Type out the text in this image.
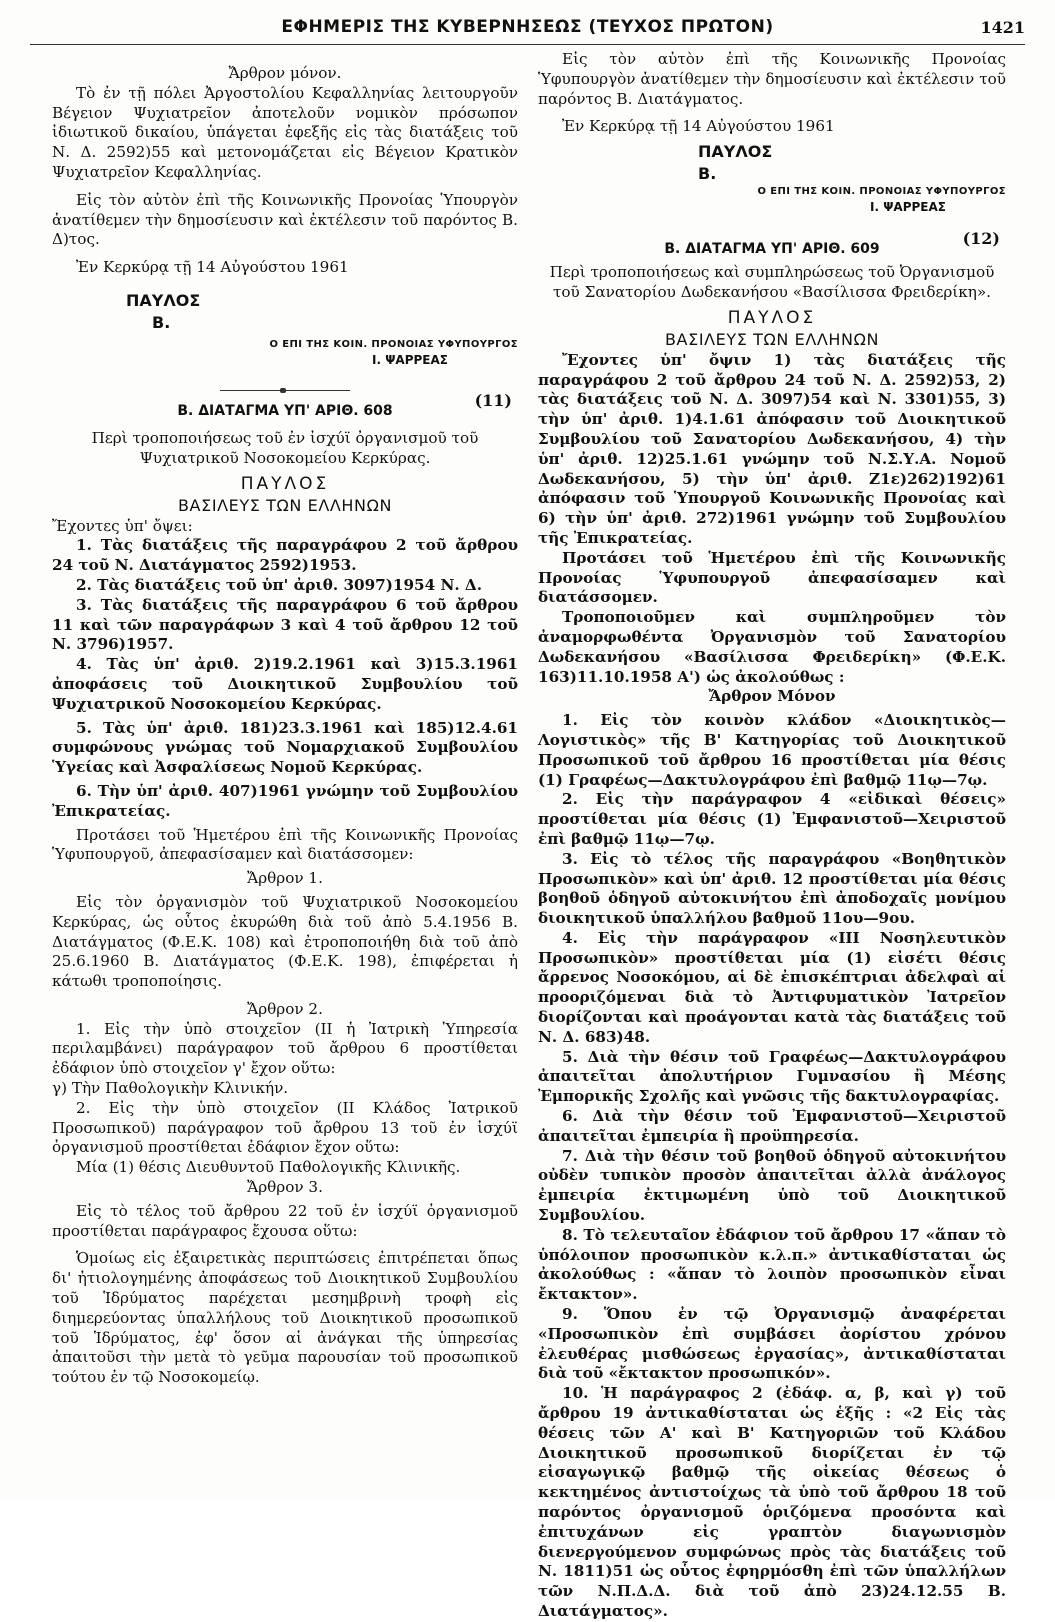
ΕΦΗΜΕΡΙΣ ΤΗΣ ΚΥΒΕΡΝΗΣΕΩΣ (ΤΕΥΧΟΣ ΠΡΩΤΟΝ)	1421

Ἄρθρον μόνον.

Τὸ ἐν τῇ πόλει Ἀργοστολίου Κεφαλληνίας λειτουργοῦν Βέγειον Ψυχιατρεῖον ἀποτελοῦν νομικὸν πρόσωπον ἰδιωτικοῦ δικαίου, ὑπάγεται ἐφεξῆς εἰς τὰς διατάξεις τοῦ Ν. Δ. 2592)55 καὶ μετονομάζεται εἰς Βέγειον Κρατικὸν Ψυχιατρεῖον Κεφαλληνίας.

Εἰς τὸν αὐτὸν ἐπὶ τῆς Κοινωνικῆς Προνοίας Ὑπουργὸν ἀνατίθεμεν τὴν δημοσίευσιν καὶ ἐκτέλεσιν τοῦ παρόντος Β. Δ)τος.

Ἐν Κερκύρᾳ τῇ 14 Αὐγούστου 1961

ΠΑΥΛΟΣ
Β.
Ο ΕΠΙ ΤΗΣ ΚΟΙΝ. ΠΡΟΝΟΙΑΣ ΥΦΥΠΟΥΡΓΟΣ
Ι. ΨΑΡΡΕΑΣ
Β. ΔΙΑΤΑΓΜΑ ΥΠ' ΑΡΙΘ. 608
(11)

Περὶ τροποποιήσεως τοῦ ἐν ἰσχύϊ ὀργανισμοῦ τοῦ Ψυχιατρικοῦ Νοσοκομείου Κερκύρας.

ΠΑΥΛΟΣ
ΒΑΣΙΛΕΥΣ ΤΩΝ ΕΛΛΗΝΩΝ

Ἔχοντες ὑπ' ὄψει:

1. Τὰς διατάξεις τῆς παραγράφου 2 τοῦ ἄρθρου 24 τοῦ Ν. Διατάγματος 2592)1953.

2. Τὰς διατάξεις τοῦ ὑπ' ἀριθ. 3097)1954 Ν. Δ.

3. Τὰς διατάξεις τῆς παραγράφου 6 τοῦ ἄρθρου 11 καὶ τῶν παραγράφων 3 καὶ 4 τοῦ ἄρθρου 12 τοῦ Ν. 3796)1957.

4. Τὰς ὑπ' ἀριθ. 2)19.2.1961 καὶ 3)15.3.1961 ἀποφάσεις τοῦ Διοικητικοῦ Συμβουλίου τοῦ Ψυχιατρικοῦ Νοσοκομείου Κερκύρας.

5. Τὰς ὑπ' ἀριθ. 181)23.3.1961 καὶ 185)12.4.61 συμφώνους γνώμας τοῦ Νομαρχιακοῦ Συμβουλίου Ὑγείας καὶ Ἀσφαλίσεως Νομοῦ Κερκύρας.

6. Τὴν ὑπ' ἀριθ. 407)1961 γνώμην τοῦ Συμβουλίου Ἐπικρατείας.

Προτάσει τοῦ Ἡμετέρου ἐπὶ τῆς Κοινωνικῆς Προνοίας Ὑφυπουργοῦ, ἀπεφασίσαμεν καὶ διατάσσομεν:

Ἄρθρον 1.

Εἰς τὸν ὀργανισμὸν τοῦ Ψυχιατρικοῦ Νοσοκομείου Κερκύρας, ὡς οὗτος ἐκυρώθη διὰ τοῦ ἀπὸ 5.4.1956 Β. Διατάγματος (Φ.Ε.Κ. 108) καὶ ἐτροποποιήθη διὰ τοῦ ἀπὸ 25.6.1960 Β. Διατάγματος (Φ.Ε.Κ. 198), ἐπιφέρεται ἡ κάτωθι τροποποίησις.

Ἄρθρον 2.

1. Εἰς τὴν ὑπὸ στοιχεῖον (ΙΙ ἡ Ἰατρικὴ Ὑπηρεσία περιλαμβάνει) παράγραφον τοῦ ἄρθρου 6 προστίθεται ἐδάφιον ὑπὸ στοιχεῖον γ' ἔχον οὕτω:

γ) Τὴν Παθολογικὴν Κλινικήν.

2. Εἰς τὴν ὑπὸ στοιχεῖον (ΙΙ Κλάδος Ἰατρικοῦ Προσωπικοῦ) παράγραφον τοῦ ἄρθρου 13 τοῦ ἐν ἰσχύϊ ὀργανισμοῦ προστίθεται ἐδάφιον ἔχον οὕτω:

Μία (1) θέσις Διευθυντοῦ Παθολογικῆς Κλινικῆς.

Ἄρθρον 3.

Εἰς τὸ τέλος τοῦ ἄρθρου 22 τοῦ ἐν ἰσχύϊ ὀργανισμοῦ προστίθεται παράγραφος ἔχουσα οὕτω:

Ὁμοίως εἰς ἐξαιρετικὰς περιπτώσεις ἐπιτρέπεται ὅπως δι' ἠτιολογημένης ἀποφάσεως τοῦ Διοικητικοῦ Συμβουλίου τοῦ Ἱδρύματος παρέχεται μεσημβρινὴ τροφὴ εἰς διημερεύοντας ὑπαλλήλους τοῦ Διοικητικοῦ προσωπικοῦ τοῦ Ἱδρύματος, ἐφ' ὅσον αἱ ἀνάγκαι τῆς ὑπηρεσίας ἀπαιτοῦσι τὴν μετὰ τὸ γεῦμα παρουσίαν τοῦ προσωπικοῦ τούτου ἐν τῷ Νοσοκομείῳ.

Εἰς τὸν αὐτὸν ἐπὶ τῆς Κοινωνικῆς Προνοίας Ὑφυπουργὸν ἀνατίθεμεν τὴν δημοσίευσιν καὶ ἐκτέλεσιν τοῦ παρόντος Β. Διατάγματος.

Ἐν Κερκύρᾳ τῇ 14 Αὐγούστου 1961

ΠΑΥΛΟΣ
Β.
Ο ΕΠΙ ΤΗΣ ΚΟΙΝ. ΠΡΟΝΟΙΑΣ ΥΦΥΠΟΥΡΓΟΣ
Ι. ΨΑΡΡΕΑΣ
Β. ΔΙΑΤΑΓΜΑ ΥΠ' ΑΡΙΘ. 609
(12)

Περὶ τροποποιήσεως καὶ συμπληρώσεως τοῦ Ὀργανισμοῦ τοῦ Σανατορίου Δωδεκανήσου «Βασίλισσα Φρειδερίκη».

ΠΑΥΛΟΣ
ΒΑΣΙΛΕΥΣ ΤΩΝ ΕΛΛΗΝΩΝ

Ἔχοντες ὑπ' ὄψιν 1) τὰς διατάξεις τῆς παραγράφου 2 τοῦ ἄρθρου 24 τοῦ Ν. Δ. 2592)53, 2) τὰς διατάξεις τοῦ Ν. Δ. 3097)54 καὶ Ν. 3301)55, 3) τὴν ὑπ' ἀριθ. 1)4.1.61 ἀπόφασιν τοῦ Διοικητικοῦ Συμβουλίου τοῦ Σανατορίου Δωδεκανήσου, 4) τὴν ὑπ' ἀριθ. 12)25.1.61 γνώμην τοῦ Ν.Σ.Υ.Α. Νομοῦ Δωδεκανήσου, 5) τὴν ὑπ' ἀριθ. Ζ1ε)262)192)61 ἀπόφασιν τοῦ Ὑπουργοῦ Κοινωνικῆς Προνοίας καὶ 6) τὴν ὑπ' ἀριθ. 272)1961 γνώμην τοῦ Συμβουλίου τῆς Ἐπικρατείας.

Προτάσει τοῦ Ἡμετέρου ἐπὶ τῆς Κοινωνικῆς Προνοίας Ὑφυπουργοῦ ἀπεφασίσαμεν καὶ διατάσσομεν.

Τροποποιοῦμεν καὶ συμπληροῦμεν τὸν ἀναμορφωθέντα Ὀργανισμὸν τοῦ Σανατορίου Δωδεκανήσου «Βασίλισσα Φρειδερίκη» (Φ.Ε.Κ. 163)11.10.1958 Α') ὡς ἀκολούθως :

Ἄρθρον Μόνον

1. Εἰς τὸν κοινὸν κλάδον «Διοικητικὸς—Λογιστικὸς» τῆς Β' Κατηγορίας τοῦ Διοικητικοῦ Προσωπικοῦ τοῦ ἄρθρου 16 προστίθεται μία θέσις (1) Γραφέως—Δακτυλογράφου ἐπὶ βαθμῷ 11ῳ—7ῳ.

2. Εἰς τὴν παράγραφον 4 «εἰδικαὶ θέσεις» προστίθεται μία θέσις (1) Ἐμφανιστοῦ—Χειριστοῦ ἐπὶ βαθμῷ 11ῳ—7ῳ.

3. Εἰς τὸ τέλος τῆς παραγράφου «Βοηθητικὸν Προσωπικὸν» καὶ ὑπ' ἀριθ. 12 προστίθεται μία θέσις βοηθοῦ ὁδηγοῦ αὐτοκινήτου ἐπὶ ἀποδοχαῖς μονίμου διοικητικοῦ ὑπαλλήλου βαθμοῦ 11ου—9ου.

4. Εἰς τὴν παράγραφον «ΙΙΙ Νοσηλευτικὸν Προσωπικὸν» προστίθεται μία (1) εἰσέτι θέσις ἄρρενος Νοσοκόμου, αἱ δὲ ἐπισκέπτριαι ἀδελφαὶ αἱ προοριζόμεναι διὰ τὸ Ἀντιφυματικὸν Ἰατρεῖον διορίζονται καὶ προάγονται κατὰ τὰς διατάξεις τοῦ Ν. Δ. 683)48.

5. Διὰ τὴν θέσιν τοῦ Γραφέως—Δακτυλογράφου ἀπαιτεῖται ἀπολυτήριον Γυμνασίου ἢ Μέσης Ἐμπορικῆς Σχολῆς καὶ γνῶσις τῆς δακτυλογραφίας.

6. Διὰ τὴν θέσιν τοῦ Ἐμφανιστοῦ—Χειριστοῦ ἀπαιτεῖται ἐμπειρία ἢ προϋπηρεσία.

7. Διὰ τὴν θέσιν τοῦ βοηθοῦ ὁδηγοῦ αὐτοκινήτου οὐδὲν τυπικὸν προσὸν ἀπαιτεῖται ἀλλὰ ἀνάλογος ἐμπειρία ἐκτιμωμένη ὑπὸ τοῦ Διοικητικοῦ Συμβουλίου.

8. Τὸ τελευταῖον ἐδάφιον τοῦ ἄρθρου 17 «ἅπαν τὸ ὑπόλοιπον προσωπικὸν κ.λ.π.» ἀντικαθίσταται ὡς ἀκολούθως : «ἅπαν τὸ λοιπὸν προσωπικὸν εἶναι ἔκτακτον».

9. Ὅπου ἐν τῷ Ὀργανισμῷ ἀναφέρεται «Προσωπικὸν ἐπὶ συμβάσει ἀορίστου χρόνου ἐλευθέρας μισθώσεως ἐργασίας», ἀντικαθίσταται διὰ τοῦ «ἔκτακτον προσωπικόν».

10. Ἡ παράγραφος 2 (ἐδάφ. α, β, καὶ γ) τοῦ ἄρθρου 19 ἀντικαθίσταται ὡς ἑξῆς : «2 Εἰς τὰς θέσεις τῶν Α' καὶ Β' Κατηγοριῶν τοῦ Κλάδου Διοικητικοῦ προσωπικοῦ διορίζεται ἐν τῷ εἰσαγωγικῷ βαθμῷ τῆς οἰκείας θέσεως ὁ κεκτημένος ἀντιστοίχως τὰ ὑπὸ τοῦ ἄρθρου 18 τοῦ παρόντος ὀργανισμοῦ ὁριζόμενα προσόντα καὶ ἐπιτυχάνων εἰς γραπτὸν διαγωνισμὸν διενεργούμενον συμφώνως πρὸς τὰς διατάξεις τοῦ Ν. 1811)51 ὡς οὗτος ἐφηρμόσθη ἐπὶ τῶν ὑπαλλήλων τῶν Ν.Π.Δ.Δ. διὰ τοῦ ἀπὸ 23)24.12.55 Β. Διατάγματος».
